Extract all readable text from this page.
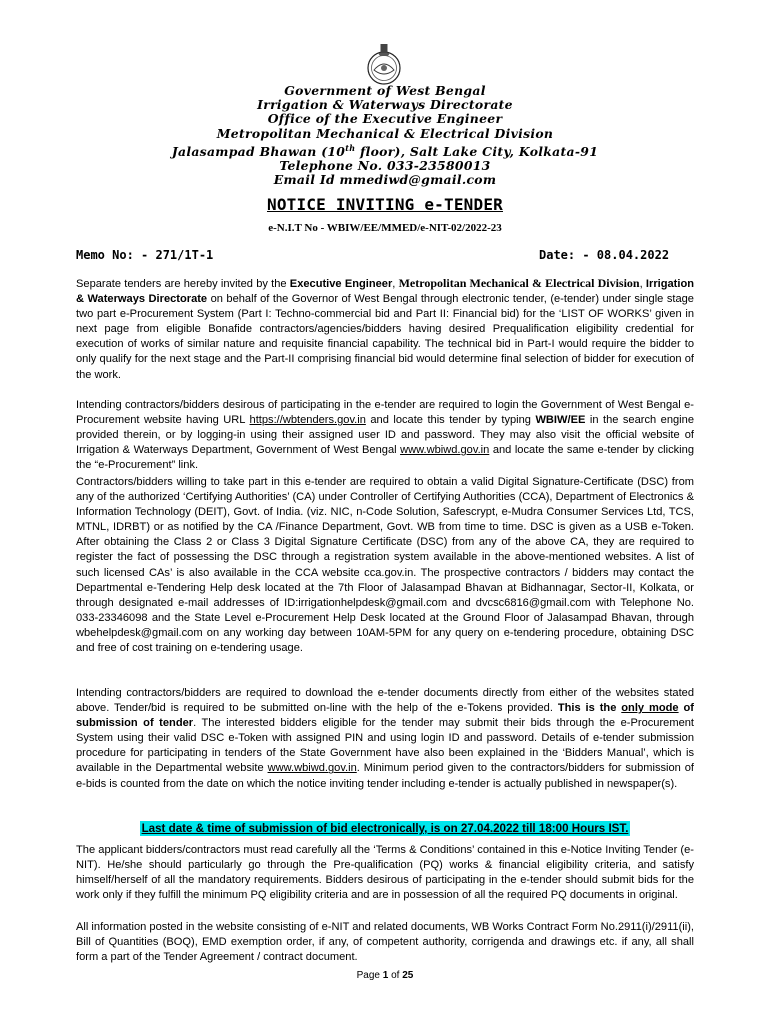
Government of West Bengal
Irrigation & Waterways Directorate
Office of the Executive Engineer
Metropolitan Mechanical & Electrical Division
Jalasampad Bhawan (10th floor), Salt Lake City, Kolkata-91
Telephone No. 033-23580013
Email Id mmediwd@gmail.com
NOTICE INVITING e-TENDER
e-N.I.T No - WBIW/EE/MMED/e-NIT-02/2022-23
Memo No: - 271/1T-1	Date: - 08.04.2022
Separate tenders are hereby invited by the Executive Engineer, Metropolitan Mechanical & Electrical Division, Irrigation & Waterways Directorate on behalf of the Governor of West Bengal through electronic tender, (e-tender) under single stage two part e-Procurement System (Part I: Techno-commercial bid and Part II: Financial bid) for the ‘LIST OF WORKS’ given in next page from eligible Bonafide contractors/agencies/bidders having desired Prequalification eligibility credential for execution of works of similar nature and requisite financial capability. The technical bid in Part-I would require the bidder to only qualify for the next stage and the Part-II comprising financial bid would determine final selection of bidder for execution of the work.
Intending contractors/bidders desirous of participating in the e-tender are required to login the Government of West Bengal e-Procurement website having URL https://wbtenders.gov.in and locate this tender by typing WBIW/EE in the search engine provided therein, or by logging-in using their assigned user ID and password. They may also visit the official website of Irrigation & Waterways Department, Government of West Bengal www.wbiwd.gov.in and locate the same e-tender by clicking the “e-Procurement” link.
Contractors/bidders willing to take part in this e-tender are required to obtain a valid Digital Signature-Certificate (DSC) from any of the authorized ‘Certifying Authorities’ (CA) under Controller of Certifying Authorities (CCA), Department of Electronics & Information Technology (DEIT), Govt. of India. (viz. NIC, n-Code Solution, Safescrypt, e-Mudra Consumer Services Ltd, TCS, MTNL, IDRBT) or as notified by the CA /Finance Department, Govt. WB from time to time. DSC is given as a USB e-Token. After obtaining the Class 2 or Class 3 Digital Signature Certificate (DSC) from any of the above CA, they are required to register the fact of possessing the DSC through a registration system available in the above-mentioned websites. A list of such licensed CAs’ is also available in the CCA website cca.gov.in. The prospective contractors / bidders may contact the Departmental e-Tendering Help desk located at the 7th Floor of Jalasampad Bhavan at Bidhannagar, Sector-II, Kolkata, or through designated e-mail addresses of ID:irrigationhelpdesk@gmail.com and dvcsc6816@gmail.com with Telephone No. 033-23346098 and the State Level e-Procurement Help Desk located at the Ground Floor of Jalasampad Bhavan, through wbehelpdesk@gmail.com on any working day between 10AM-5PM for any query on e-tendering procedure, obtaining DSC and free of cost training on e-tendering usage.
Intending contractors/bidders are required to download the e-tender documents directly from either of the websites stated above. Tender/bid is required to be submitted on-line with the help of the e-Tokens provided. This is the only mode of submission of tender. The interested bidders eligible for the tender may submit their bids through the e-Procurement System using their valid DSC e-Token with assigned PIN and using login ID and password. Details of e-tender submission procedure for participating in tenders of the State Government have also been explained in the ‘Bidders Manual’, which is available in the Departmental website www.wbiwd.gov.in. Minimum period given to the contractors/bidders for submission of e-bids is counted from the date on which the notice inviting tender including e-tender is actually published in newspaper(s).
Last date & time of submission of bid electronically, is on 27.04.2022 till 18:00 Hours IST.
The applicant bidders/contractors must read carefully all the ‘Terms & Conditions’ contained in this e-Notice Inviting Tender (e-NIT). He/she should particularly go through the Pre-qualification (PQ) works & financial eligibility criteria, and satisfy himself/herself of all the mandatory requirements. Bidders desirous of participating in the e-tender should submit bids for the work only if they fulfill the minimum PQ eligibility criteria and are in possession of all the required PQ documents in original.
All information posted in the website consisting of e-NIT and related documents, WB Works Contract Form No.2911(i)/2911(ii), Bill of Quantities (BOQ), EMD exemption order, if any, of competent authority, corrigenda and drawings etc. if any, all shall form a part of the Tender Agreement / contract document.
Page 1 of 25
